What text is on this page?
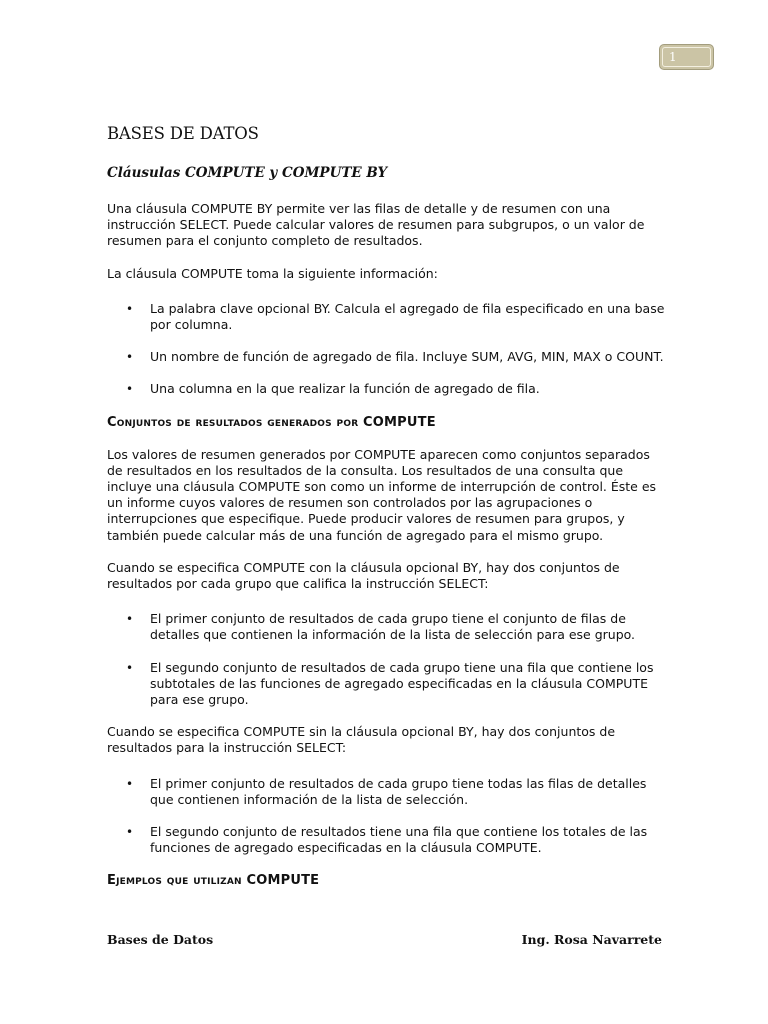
1
BASES DE DATOS
Cláusulas COMPUTE y COMPUTE BY

Una cláusula COMPUTE BY permite ver las filas de detalle y de resumen con una instrucción SELECT. Puede calcular valores de resumen para subgrupos, o un valor de resumen para el conjunto completo de resultados.

La cláusula COMPUTE toma la siguiente información:

• La palabra clave opcional BY. Calcula el agregado de fila especificado en una base por columna.
• Un nombre de función de agregado de fila. Incluye SUM, AVG, MIN, MAX o COUNT.
• Una columna en la que realizar la función de agregado de fila.
Conjuntos de resultados generados por COMPUTE

Los valores de resumen generados por COMPUTE aparecen como conjuntos separados de resultados en los resultados de la consulta. Los resultados de una consulta que incluye una cláusula COMPUTE son como un informe de interrupción de control. Éste es un informe cuyos valores de resumen son controlados por las agrupaciones o interrupciones que especifique. Puede producir valores de resumen para grupos, y también puede calcular más de una función de agregado para el mismo grupo.

Cuando se especifica COMPUTE con la cláusula opcional BY, hay dos conjuntos de resultados por cada grupo que califica la instrucción SELECT:

• El primer conjunto de resultados de cada grupo tiene el conjunto de filas de detalles que contienen la información de la lista de selección para ese grupo.
• El segundo conjunto de resultados de cada grupo tiene una fila que contiene los subtotales de las funciones de agregado especificadas en la cláusula COMPUTE para ese grupo.

Cuando se especifica COMPUTE sin la cláusula opcional BY, hay dos conjuntos de resultados para la instrucción SELECT:

• El primer conjunto de resultados de cada grupo tiene todas las filas de detalles que contienen información de la lista de selección.
• El segundo conjunto de resultados tiene una fila que contiene los totales de las funciones de agregado especificadas en la cláusula COMPUTE.
Ejemplos que utilizan COMPUTE
Bases de Datos	Ing. Rosa Navarrete
